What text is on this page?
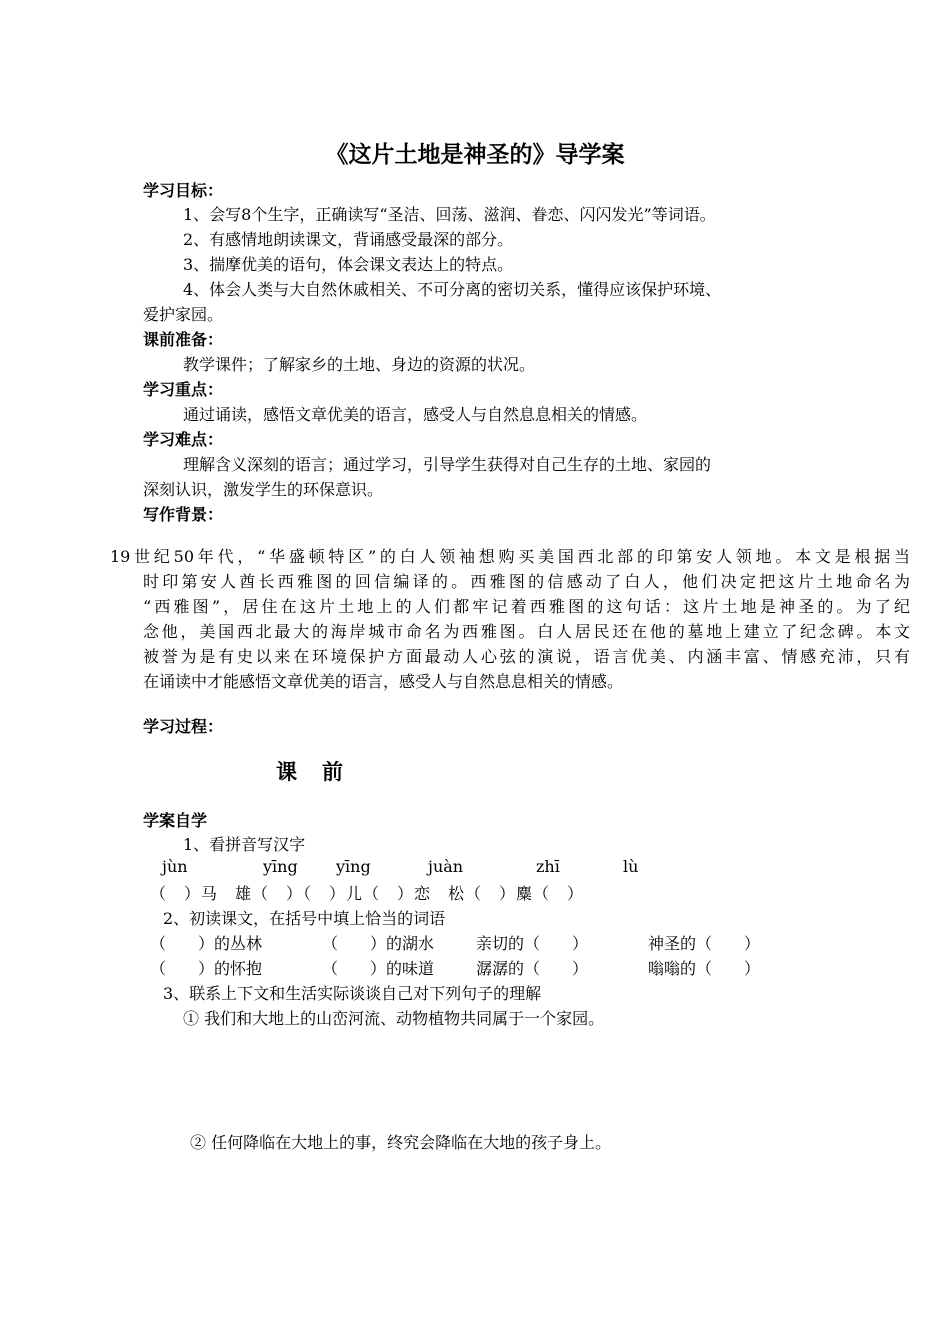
《这片土地是神圣的》导学案
学习目标：
1、会写8个生字，正确读写“圣洁、回荡、滋润、眷恋、闪闪发光”等词语。
2、有感情地朗读课文，背诵感受最深的部分。
3、揣摩优美的语句，体会课文表达上的特点。
4、体会人类与大自然休戚相关、不可分离的密切关系，懂得应该保护环境、
爱护家园。
课前准备：
教学课件；了解家乡的土地、身边的资源的状况。
学习重点：
通过诵读，感悟文章优美的语言，感受人与自然息息相关的情感。
学习难点：
理解含义深刻的语言；通过学习，引导学生获得对自己生存的土地、家园的
深刻认识，激发学生的环保意识。
写作背景：
19世纪50年代，“华盛顿特区”的白人领袖想购买美国西北部的印第安人领地。本文是根据当
时印第安人酋长西雅图的回信编译的。西雅图的信感动了白人，他们决定把这片土地命名为
“西雅图”，居住在这片土地上的人们都牢记着西雅图的这句话：这片土地是神圣的。为了纪
念他，美国西北最大的海岸城市命名为西雅图。白人居民还在他的墓地上建立了纪念碑。本文
被誉为是有史以来在环境保护方面最动人心弦的演说，语言优美、内涵丰富、情感充沛，只有
在诵读中才能感悟文章优美的语言，感受人与自然息息相关的情感。
学习过程：
课　前
学案自学
1、看拼音写汉字
jùn	yīng yīng	juàn	zhī	lù
（　）马　雄（　）（　）儿（　）恋　松（　）麋（　）
2、初读课文，在括号中填上恰当的词语
（　　）的丛林	（　　）的湖水	亲切的（　　）	神圣的（　　）
（　　）的怀抱	（　　）的味道	潺潺的（　　）	嗡嗡的（　　）
3、联系上下文和生活实际谈谈自己对下列句子的理解
① 我们和大地上的山峦河流、动物植物共同属于一个家园。
② 任何降临在大地上的事，终究会降临在大地的孩子身上。
